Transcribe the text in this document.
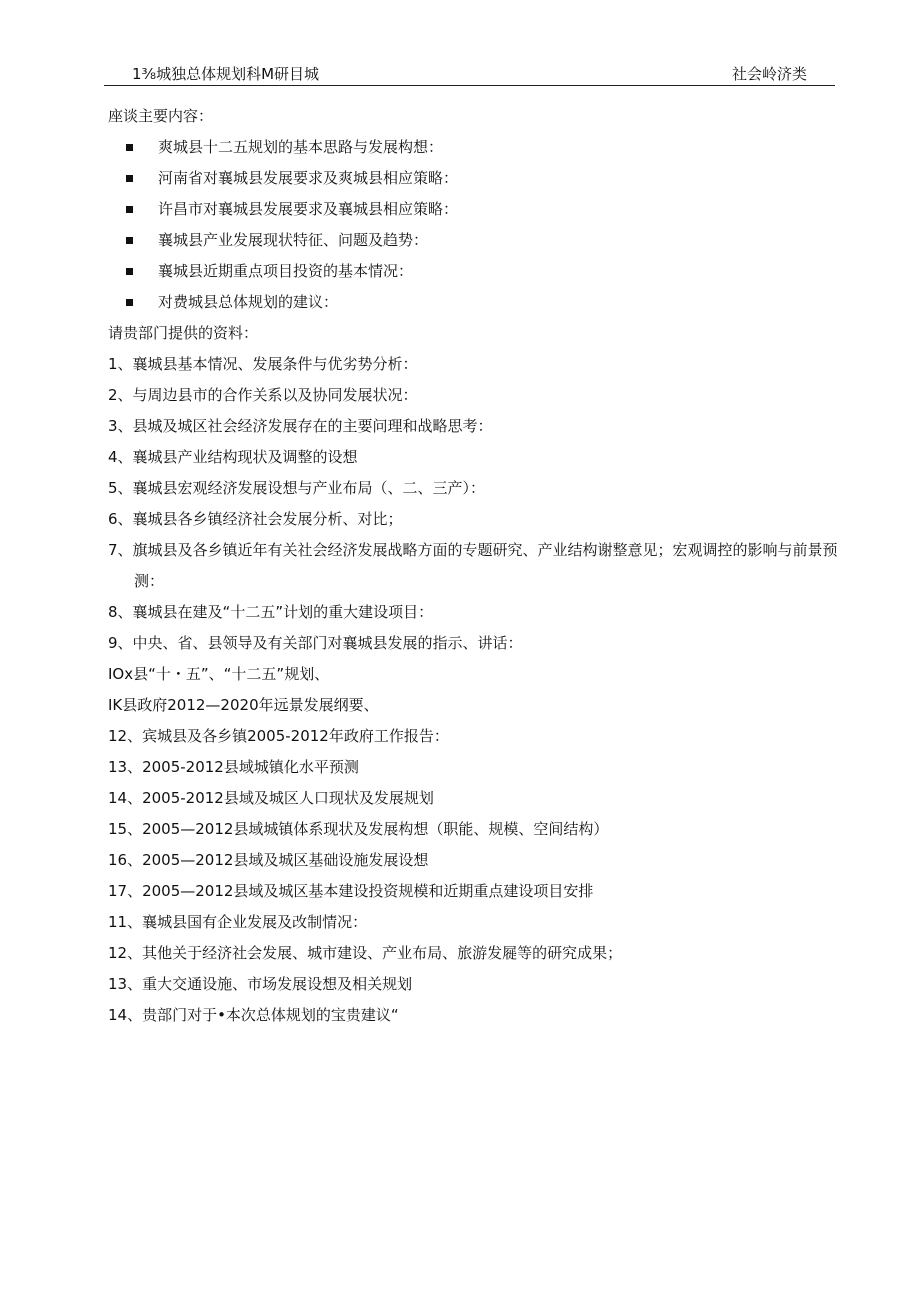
1⅜城独总体规划科M研目城	社会岭济类
座谈主要内容：
爽城县十二五规划的基本思路与发展构想：
河南省对襄城县发展要求及爽城县相应策略：
许昌市对襄城县发展要求及襄城县相应策略：
襄城县产业发展现状特征、问题及趋势：
襄城县近期重点项目投资的基本情况：
对费城县总体规划的建议：
请贵部门提供的资料：
1、襄城县基本情况、发展条件与优劣势分析：
2、与周边县市的合作关系以及协同发展状况：
3、县城及城区社会经济发展存在的主要问理和战略思考：
4、襄城县产业结构现状及调整的设想
5、襄城县宏观经济发展设想与产业布局（、二、三产）：
6、襄城县各乡镇经济社会发展分析、对比；
7、旗城县及各乡镇近年有关社会经济发展战略方面的专题研究、产业结构谢整意见；宏观调控的影响与前景预测：
8、襄城县在建及“十二五”计划的重大建设项目：
9、中央、省、县领导及有关部门对襄城县发展的指示、讲话：
IOx县“十・五”、“十二五”规划、
IK县政府2012—2020年远景发展纲要、
12、宾城县及各乡镇2005-2012年政府工作报告：
13、2005-2012县域城镇化水平预测
14、2005-2012县域及城区人口现状及发展规划
15、2005—2012县域城镇体系现状及发展构想（职能、规模、空间结构）
16、2005—2012县域及城区基础设施发展设想
17、2005—2012县域及城区基本建设投资规模和近期重点建设项目安排
11、襄城县国有企业发展及改制情况：
12、其他关于经济社会发展、城市建设、产业布局、旅游发屣等的研究成果；
13、重大交通设施、市场发展设想及相关规划
14、贵部门对于•本次总体规划的宝贵建议“
